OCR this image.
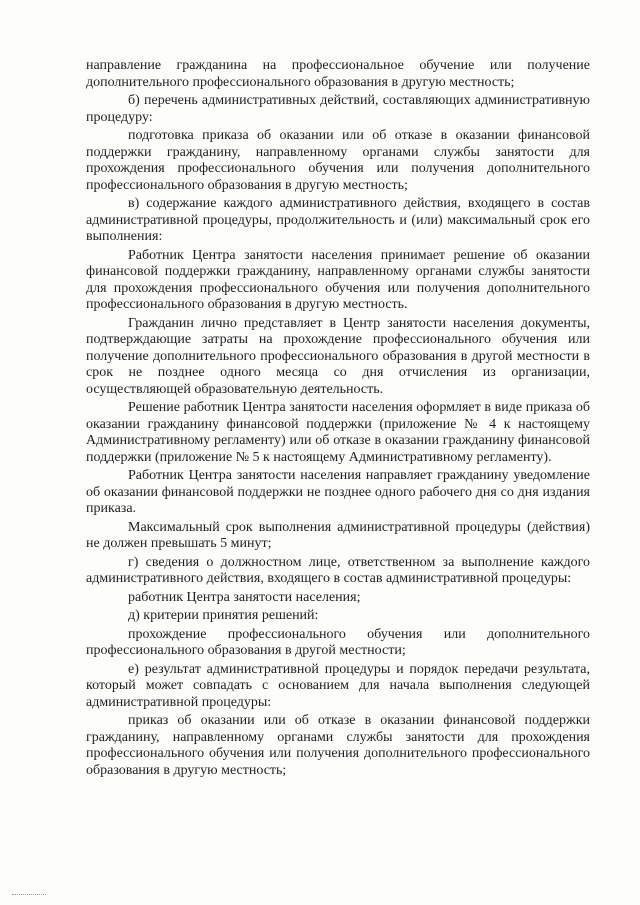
направление гражданина на профессиональное обучение или получение дополнительного профессионального образования в другую местность;

б) перечень административных действий, составляющих административную процедуру:

подготовка приказа об оказании или об отказе в оказании финансовой поддержки гражданину, направленному органами службы занятости для прохождения профессионального обучения или получения дополнительного профессионального образования в другую местность;

в) содержание каждого административного действия, входящего в состав административной процедуры, продолжительность и (или) максимальный срок его выполнения:

Работник Центра занятости населения принимает решение об оказании финансовой поддержки гражданину, направленному органами службы занятости для прохождения профессионального обучения или получения дополнительного профессионального образования в другую местность.

Гражданин лично представляет в Центр занятости населения документы, подтверждающие затраты на прохождение профессионального обучения или получение дополнительного профессионального образования в другой местности в срок не позднее одного месяца со дня отчисления из организации, осуществляющей образовательную деятельность.

Решение работник Центра занятости населения оформляет в виде приказа об оказании гражданину финансовой поддержки (приложение № 4 к настоящему Административному регламенту) или об отказе в оказании гражданину финансовой поддержки (приложение № 5 к настоящему Административному регламенту).

Работник Центра занятости населения направляет гражданину уведомление об оказании финансовой поддержки не позднее одного рабочего дня со дня издания приказа.

Максимальный срок выполнения административной процедуры (действия) не должен превышать 5 минут;

г) сведения о должностном лице, ответственном за выполнение каждого административного действия, входящего в состав административной процедуры:

работник Центра занятости населения;

д) критерии принятия решений:

прохождение профессионального обучения или дополнительного профессионального образования в другой местности;

е) результат административной процедуры и порядок передачи результата, который может совпадать с основанием для начала выполнения следующей административной процедуры:

приказ об оказании или об отказе в оказании финансовой поддержки гражданину, направленному органами службы занятости для прохождения профессионального обучения или получения дополнительного профессионального образования в другую местность;
